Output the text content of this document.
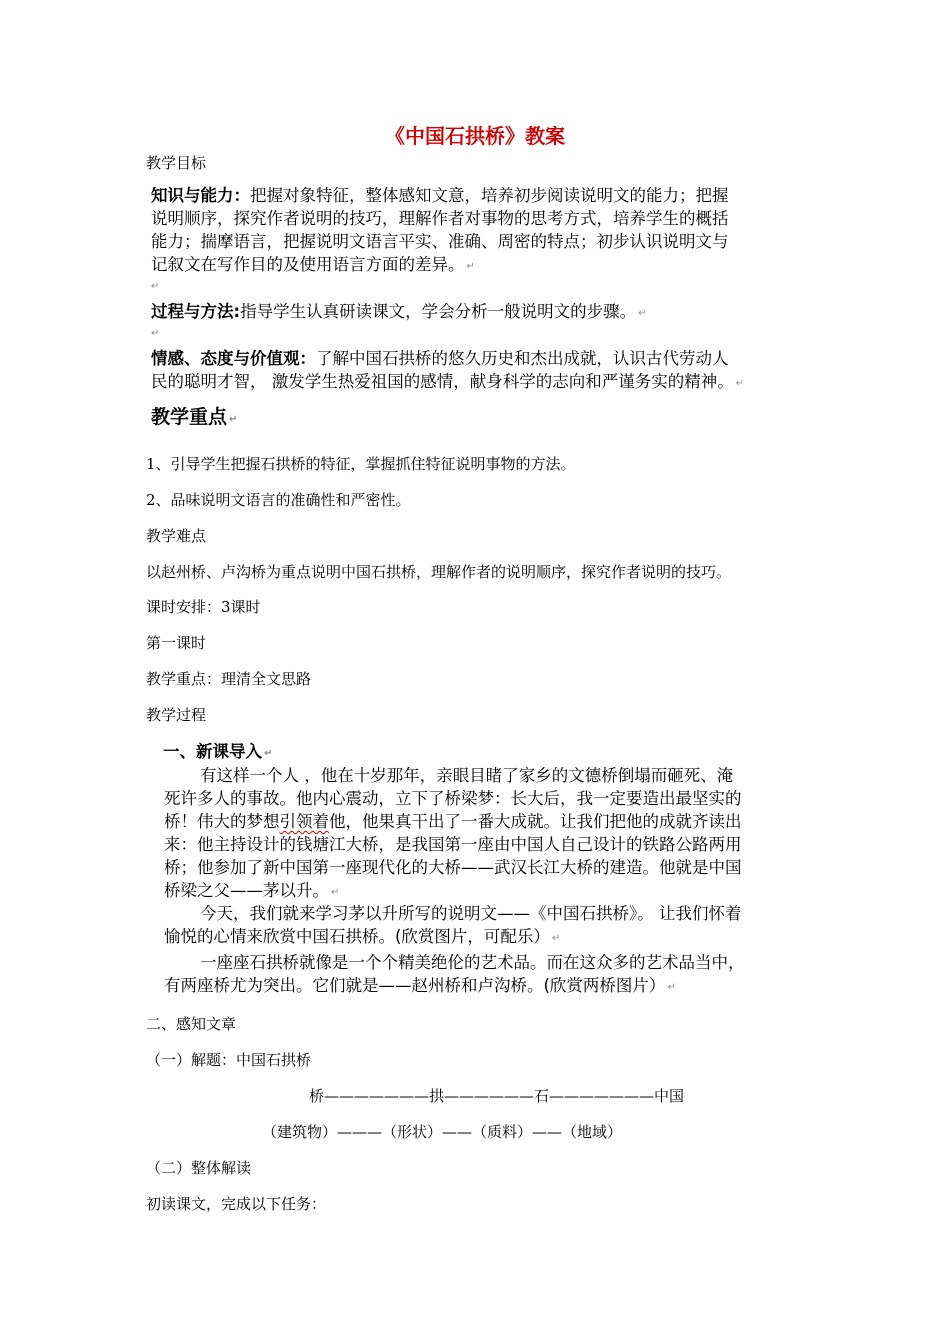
《中国石拱桥》教案
教学目标
知识与能力：把握对象特征，整体感知文意，培养初步阅读说明文的能力；把握
说明顺序，探究作者说明的技巧，理解作者对事物的思考方式，培养学生的概括
能力；揣摩语言，把握说明文语言平实、准确、周密的特点；初步认识说明文与
记叙文在写作目的及使用语言方面的差异。 ↵
↵
过程与方法:指导学生认真研读课文，学会分析一般说明文的步骤。 ↵
↵
情感、态度与价值观：了解中国石拱桥的悠久历史和杰出成就，认识古代劳动人
民的聪明才智， 激发学生热爱祖国的感情，献身科学的志向和严谨务实的精神。 ↵
教学重点 ↵
1、引导学生把握石拱桥的特征，掌握抓住特征说明事物的方法。
2、品味说明文语言的准确性和严密性。
教学难点
以赵州桥、卢沟桥为重点说明中国石拱桥，理解作者的说明顺序，探究作者说明的技巧。
课时安排：3课时
第一课时
教学重点：理清全文思路
教学过程
一、新课导入 ↵
有这样一个人 ，他在十岁那年，亲眼目睹了家乡的文德桥倒塌而砸死、淹
死许多人的事故。他内心震动，立下了桥梁梦：长大后，我一定要造出最坚实的
桥！伟大的梦想引领着他，他果真干出了一番大成就。让我们把他的成就齐读出
来：他主持设计的钱塘江大桥，是我国第一座由中国人自己设计的铁路公路两用
桥；他参加了新中国第一座现代化的大桥——武汉长江大桥的建造。他就是中国
桥梁之父——茅以升。 ↵
今天，我们就来学习茅以升所写的说明文——《中国石拱桥》。 让我们怀着
愉悦的心情来欣赏中国石拱桥。(欣赏图片，可配乐） ↵
一座座石拱桥就像是一个个精美绝伦的艺术品。而在这众多的艺术品当中，
有两座桥尤为突出。它们就是——赵州桥和卢沟桥。(欣赏两桥图片） ↵
二、感知文章
（一）解题：中国石拱桥
桥———————拱——————石———————中国
（建筑物）———（形状）——（质料）——（地域）
（二）整体解读
初读课文，完成以下任务：
